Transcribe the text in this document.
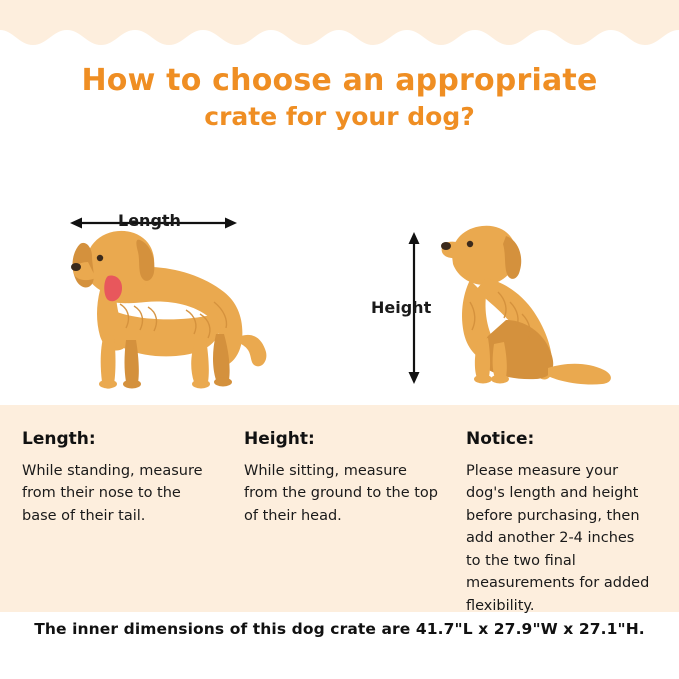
How to choose an appropriate
crate for your dog?
Length
Height
Length:
While standing, measure from their nose to the base of their tail.
Height:
While sitting, measure from the ground to the top of their head.
Notice:
Please measure your dog's length and height before purchasing, then add another 2-4 inches to the two final measurements for added flexibility.
The inner dimensions of this dog crate are 41.7"L x 27.9"W x 27.1"H.
